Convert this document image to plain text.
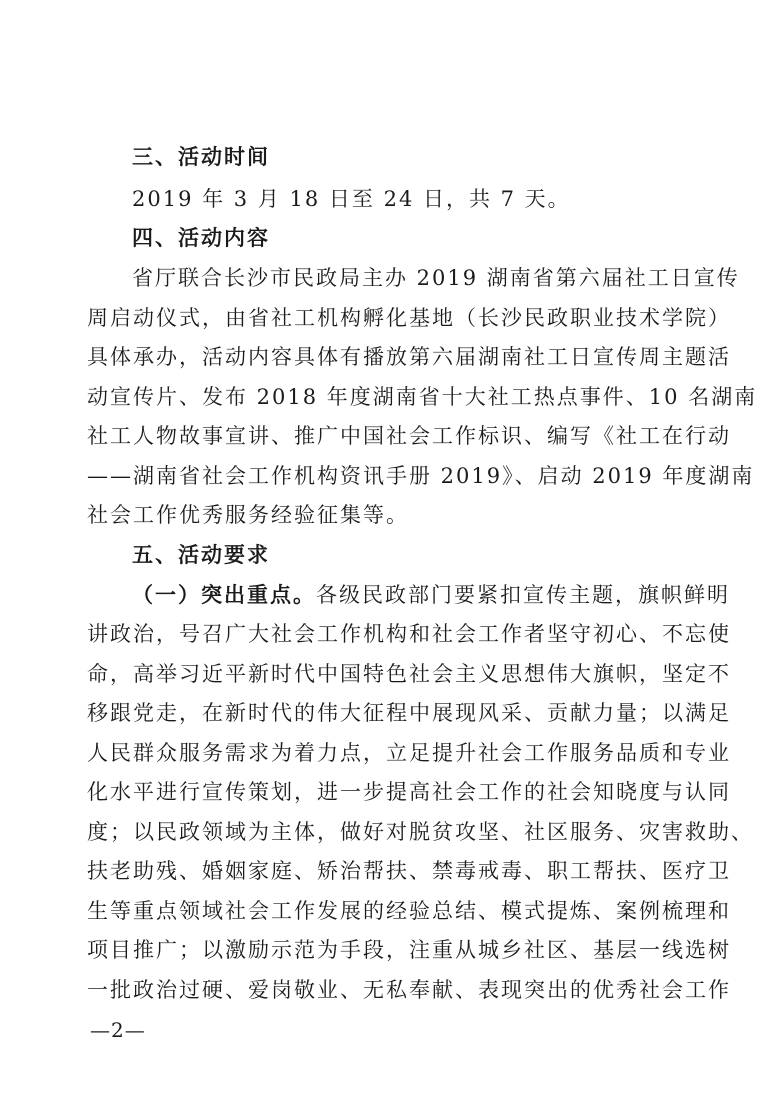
三、活动时间
2019 年 3 月 18 日至 24 日，共 7 天。
四、活动内容
省厅联合长沙市民政局主办 2019 湖南省第六届社工日宣传
周启动仪式，由省社工机构孵化基地（长沙民政职业技术学院）
具体承办，活动内容具体有播放第六届湖南社工日宣传周主题活
动宣传片、发布 2018 年度湖南省十大社工热点事件、10 名湖南
社工人物故事宣讲、推广中国社会工作标识、编写《社工在行动
——湖南省社会工作机构资讯手册 2019》、启动 2019 年度湖南
社会工作优秀服务经验征集等。
五、活动要求
（一）突出重点。各级民政部门要紧扣宣传主题，旗帜鲜明
讲政治，号召广大社会工作机构和社会工作者坚守初心、不忘使
命，高举习近平新时代中国特色社会主义思想伟大旗帜，坚定不
移跟党走，在新时代的伟大征程中展现风采、贡献力量；以满足
人民群众服务需求为着力点，立足提升社会工作服务品质和专业
化水平进行宣传策划，进一步提高社会工作的社会知晓度与认同
度；以民政领域为主体，做好对脱贫攻坚、社区服务、灾害救助、
扶老助残、婚姻家庭、矫治帮扶、禁毒戒毒、职工帮扶、医疗卫
生等重点领域社会工作发展的经验总结、模式提炼、案例梳理和
项目推广；以激励示范为手段，注重从城乡社区、基层一线选树
一批政治过硬、爱岗敬业、无私奉献、表现突出的优秀社会工作
—2—
